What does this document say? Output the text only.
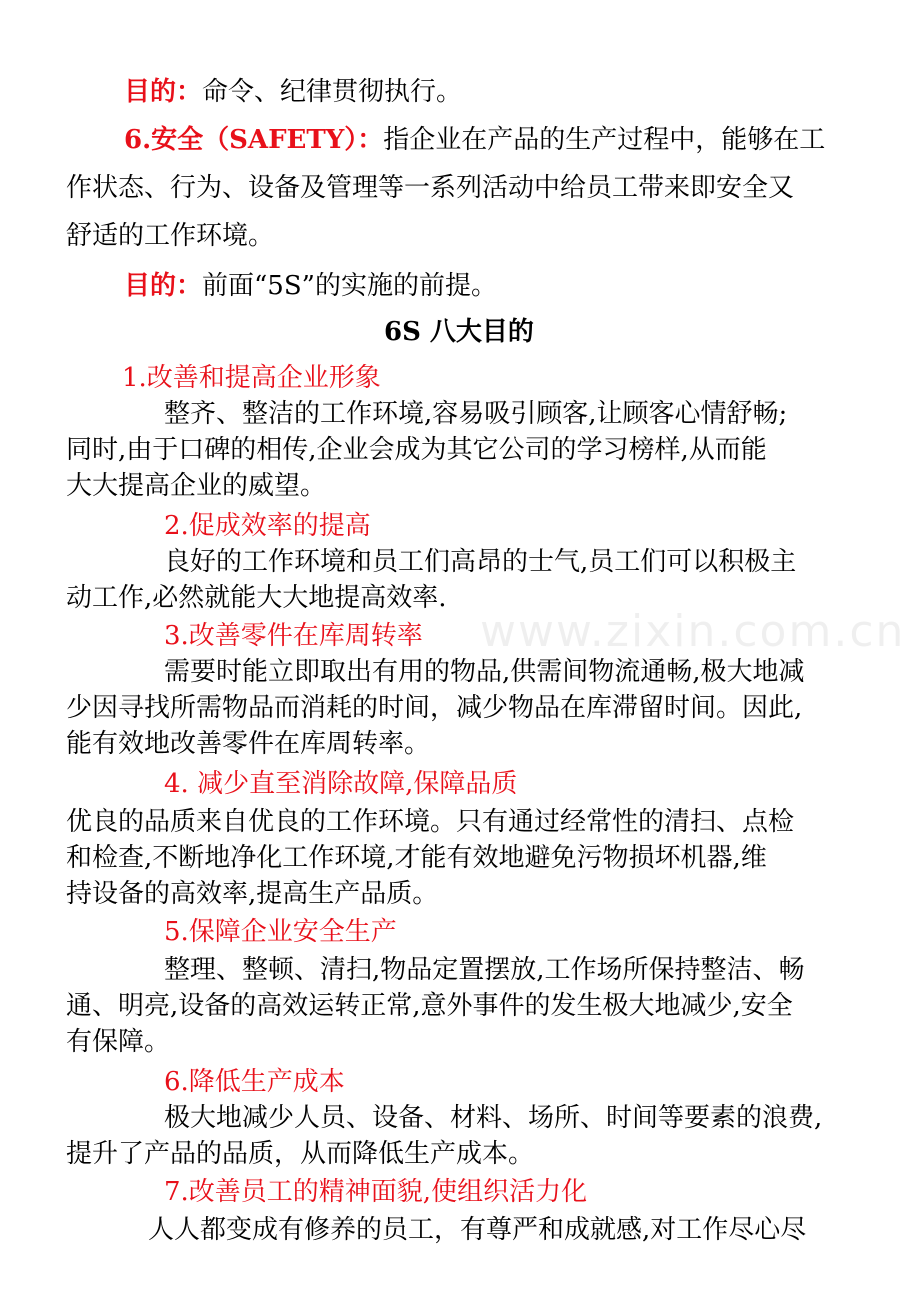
www.zixin.com.cn
目的：命令、纪律贯彻执行。
6.安全（SAFETY）：指企业在产品的生产过程中，能够在工
作状态、行为、设备及管理等一系列活动中给员工带来即安全又
舒适的工作环境。
目的：前面“5S”的实施的前提。
6S 八大目的
1.改善和提高企业形象
整齐、整洁的工作环境,容易吸引顾客,让顾客心情舒畅;
同时,由于口碑的相传,企业会成为其它公司的学习榜样,从而能
大大提高企业的威望。
2.促成效率的提高
良好的工作环境和员工们高昂的士气,员工们可以积极主
动工作,必然就能大大地提高效率.
3.改善零件在库周转率
需要时能立即取出有用的物品,供需间物流通畅,极大地减
少因寻找所需物品而消耗的时间，减少物品在库滞留时间。因此,
能有效地改善零件在库周转率。
4. 减少直至消除故障,保障品质
优良的品质来自优良的工作环境。只有通过经常性的清扫、点检
和检查,不断地净化工作环境,才能有效地避免污物损坏机器,维
持设备的高效率,提高生产品质。
5.保障企业安全生产
整理、整顿、清扫,物品定置摆放,工作场所保持整洁、畅
通、明亮,设备的高效运转正常,意外事件的发生极大地减少,安全
有保障。
6.降低生产成本
极大地减少人员、设备、材料、场所、时间等要素的浪费,
提升了产品的品质，从而降低生产成本。
7.改善员工的精神面貌,使组织活力化
人人都变成有修养的员工，有尊严和成就感,对工作尽心尽
